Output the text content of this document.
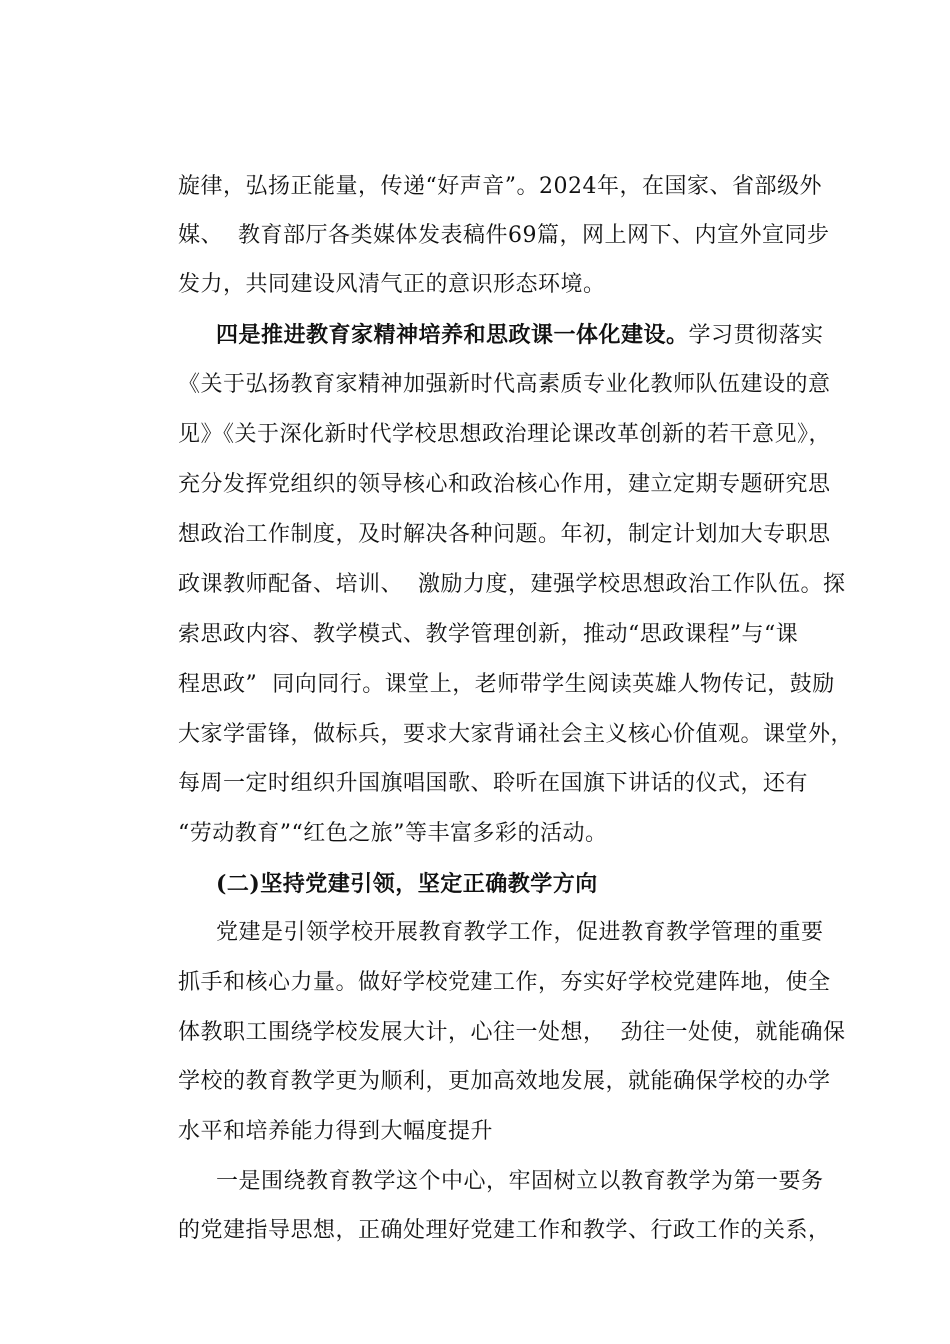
旋律，弘扬正能量，传递“好声音”。2024年，在国家、省部级外

媒、  教育部厅各类媒体发表稿件69篇，网上网下、内宣外宣同步

发力，共同建设风清气正的意识形态环境。

四是推进教育家精神培养和思政课一体化建设。学习贯彻落实

《关于弘扬教育家精神加强新时代高素质专业化教师队伍建设的意

见》《关于深化新时代学校思想政治理论课改革创新的若干意见》，

充分发挥党组织的领导核心和政治核心作用，建立定期专题研究思

想政治工作制度，及时解决各种问题。年初，制定计划加大专职思

政课教师配备、培训、  激励力度，建强学校思想政治工作队伍。探

索思政内容、教学模式、教学管理创新，推动“思政课程”与“课

程思政”  同向同行。课堂上，老师带学生阅读英雄人物传记，鼓励

大家学雷锋，做标兵，要求大家背诵社会主义核心价值观。课堂外，

每周一定时组织升国旗唱国歌、聆听在国旗下讲话的仪式，还有

“劳动教育”“红色之旅”等丰富多彩的活动。

(二)坚持党建引领，坚定正确教学方向

党建是引领学校开展教育教学工作，促进教育教学管理的重要

抓手和核心力量。做好学校党建工作，夯实好学校党建阵地，使全

体教职工围绕学校发展大计，心往一处想，  劲往一处使，就能确保

学校的教育教学更为顺利，更加高效地发展，就能确保学校的办学

水平和培养能力得到大幅度提升

一是围绕教育教学这个中心，牢固树立以教育教学为第一要务

的党建指导思想，正确处理好党建工作和教学、行政工作的关系，
